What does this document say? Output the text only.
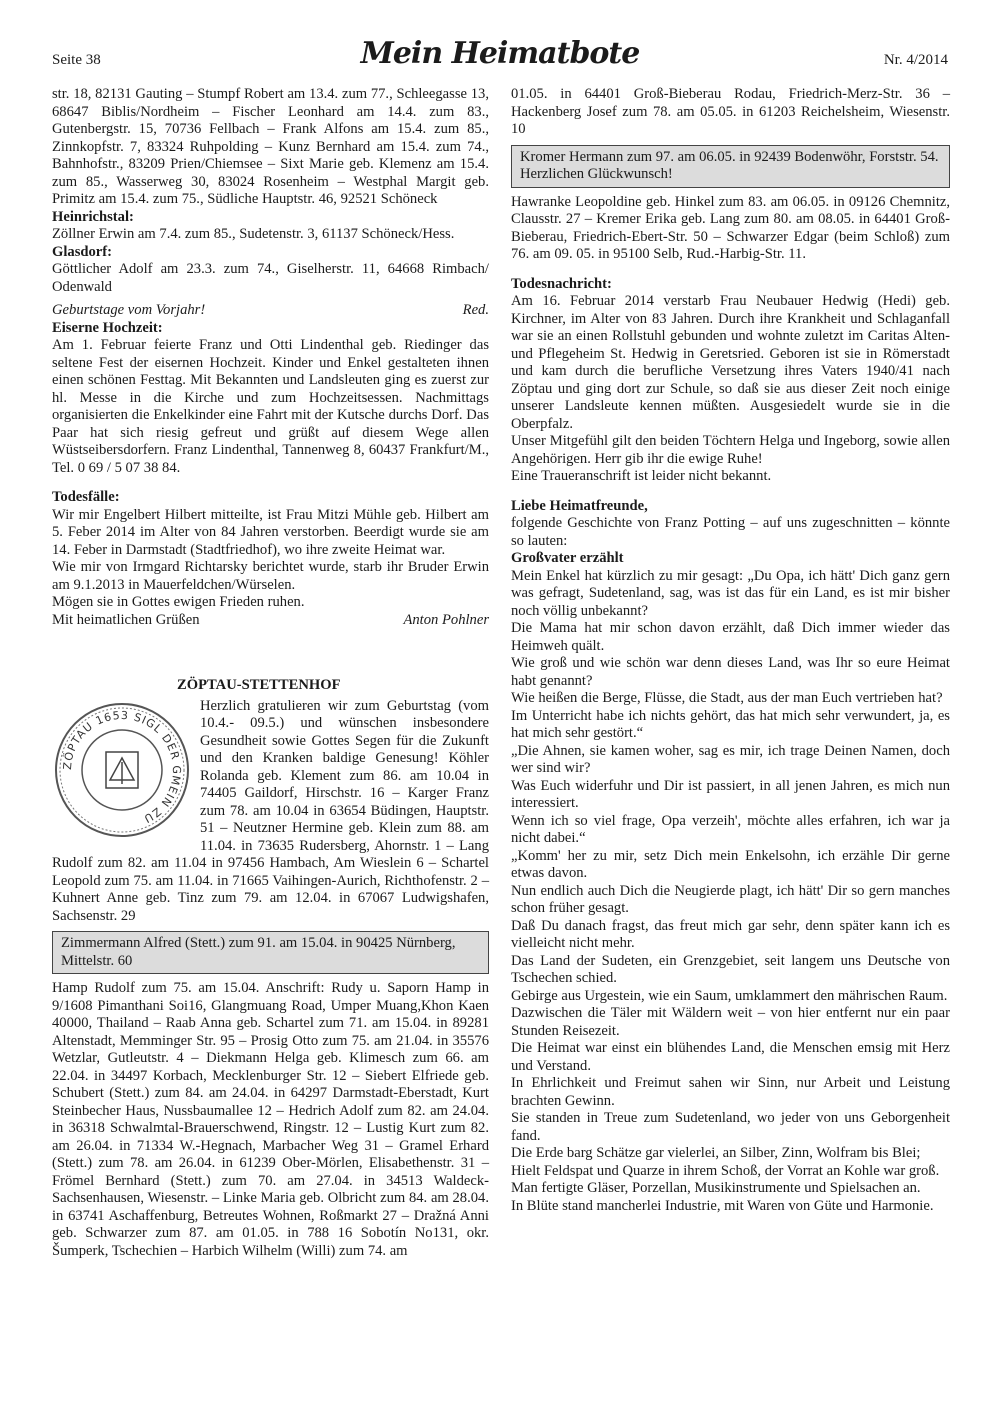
Seite 38	Mein Heimatbote	Nr. 4/2014

str. 18, 82131 Gauting – Stumpf Robert am 13.4. zum 77., Schleegasse 13, 68647 Biblis/Nordheim – Fischer Leonhard am 14.4. zum 83., Gutenbergstr. 15, 70736 Fellbach – Frank Alfons am 15.4. zum 85., Zinnkopfstr. 7, 83324 Ruhpolding – Kunz Bernhard am 15.4. zum 74., Bahnhofstr., 83209 Prien/Chiemsee – Sixt Marie geb. Klemenz am 15.4. zum 85., Wasserweg 30, 83024 Rosenheim – Westphal Margit geb. Primitz am 15.4. zum 75., Südliche Hauptstr. 46, 92521 Schöneck

Heinrichstal:

Zöllner Erwin am 7.4. zum 85., Sudetenstr. 3, 61137 Schöneck/Hess.

Glasdorf:

Göttlicher Adolf am 23.3. zum 74., Giselherstr. 11, 64668 Rimbach/ Odenwald

Geburtstage vom Vorjahr!	Red.

Eiserne Hochzeit:

Am 1. Februar feierte Franz und Otti Lindenthal geb. Riedinger das seltene Fest der eisernen Hochzeit. Kinder und Enkel gestalteten ihnen einen schönen Festtag. Mit Bekannten und Landsleuten ging es zuerst zur hl. Messe in die Kirche und zum Hochzeitsessen. Nachmittags organisierten die Enkelkinder eine Fahrt mit der Kutsche durchs Dorf. Das Paar hat sich riesig gefreut und grüßt auf diesem Wege allen Wüstseibersdorfern. Franz Lindenthal, Tannenweg 8, 60437 Frankfurt/M., Tel. 0 69 / 5 07 38 84.

Todesfälle:

Wir mir Engelbert Hilbert mitteilte, ist Frau Mitzi Mühle geb. Hilbert am 5. Feber 2014 im Alter von 84 Jahren verstorben. Beerdigt wurde sie am 14. Feber in Darmstadt (Stadtfriedhof), wo ihre zweite Heimat war.

Wie mir von Irmgard Richtarsky berichtet wurde, starb ihr Bruder Erwin am 9.1.2013 in Mauerfeldchen/Würselen.

Mögen sie in Gottes ewigen Frieden ruhen.

Mit heimatlichen Grüßen	Anton Pohlner
ZÖPTAU-STETTENHOF
ZÖPTAU 1653 SIGL DER GMEIN ZU

Herzlich gratulieren wir zum Geburtstag (vom 10.4.- 09.5.) und wünschen insbesondere Gesundheit sowie Gottes Segen für die Zukunft und den Kranken baldige Genesung! Köhler Rolanda geb. Klement zum 86. am 10.04 in 74405 Gaildorf, Hirschstr. 16 – Karger Franz zum 78. am 10.04 in 63654 Büdingen, Hauptstr. 51 – Neutzner Hermine geb. Klein zum 88. am 11.04. in 73635 Rudersberg, Ahornstr. 1 – Lang Rudolf zum 82. am 11.04 in 97456 Hambach, Am Wieslein 6 – Schartel Leopold zum 75. am 11.04. in 71665 Vaihingen-Aurich, Richthofenstr. 2 – Kuhnert Anne geb. Tinz zum 79. am 12.04. in 67067 Ludwigshafen, Sachsenstr. 29

Zimmermann Alfred (Stett.) zum 91. am 15.04. in 90425 Nürnberg, Mittelstr. 60

Hamp Rudolf zum 75. am 15.04. Anschrift: Rudy u. Saporn Hamp in 9/1608 Pimanthani Soi16, Glangmuang Road, Umper Muang,Khon Kaen 40000, Thailand – Raab Anna geb. Schartel zum 71. am 15.04. in 89281 Altenstadt, Memminger Str. 95 – Prosig Otto zum 75. am 21.04. in 35576 Wetzlar, Gutleutstr. 4 – Diekmann Helga geb. Klimesch zum 66. am 22.04. in 34497 Korbach, Mecklenburger Str. 12 – Siebert Elfriede geb. Schubert (Stett.) zum 84. am 24.04. in 64297 Darmstadt-Eberstadt, Kurt Steinbecher Haus, Nussbaumallee 12 – Hedrich Adolf zum 82. am 24.04. in 36318 Schwalmtal-Brauerschwend, Ringstr. 12 – Lustig Kurt zum 82. am 26.04. in 71334 W.-Hegnach, Marbacher Weg 31 – Gramel Erhard (Stett.) zum 78. am 26.04. in 61239 Ober-Mörlen, Elisabethenstr. 31 – Frömel Bernhard (Stett.) zum 70. am 27.04. in 34513 Waldeck-Sachsenhausen, Wiesenstr. – Linke Maria geb. Olbricht zum 84. am 28.04. in 63741 Aschaffenburg, Betreutes Wohnen, Roßmarkt 27 – Dražná Anni geb. Schwarzer zum 87. am 01.05. in 788 16 Sobotín No131, okr. Šumperk, Tschechien – Harbich Wilhelm (Willi) zum 74. am

01.05. in 64401 Groß-Bieberau Rodau, Friedrich-Merz-Str. 36 – Hackenberg Josef zum 78. am 05.05. in 61203 Reichelsheim, Wiesenstr. 10

Kromer Hermann zum 97. am 06.05. in 92439 Bodenwöhr, Forststr. 54. Herzlichen Glückwunsch!

Hawranke Leopoldine geb. Hinkel zum 83. am 06.05. in 09126 Chemnitz, Clausstr. 27 – Kremer Erika geb. Lang zum 80. am 08.05. in 64401 Groß-Bieberau, Friedrich-Ebert-Str. 50 – Schwarzer Edgar (beim Schloß) zum 76. am 09. 05. in 95100 Selb, Rud.-Harbig-Str. 11.

Todesnachricht:

Am 16. Februar 2014 verstarb Frau Neubauer Hedwig (Hedi) geb. Kirchner, im Alter von 83 Jahren. Durch ihre Krankheit und Schlaganfall war sie an einen Rollstuhl gebunden und wohnte zuletzt im Caritas Alten- und Pflegeheim St. Hedwig in Geretsried. Geboren ist sie in Römerstadt und kam durch die berufliche Versetzung ihres Vaters 1940/41 nach Zöptau und ging dort zur Schule, so daß sie aus dieser Zeit noch einige unserer Landsleute kennen müßten. Ausgesiedelt wurde sie in die Oberpfalz.

Unser Mitgefühl gilt den beiden Töchtern Helga und Ingeborg, sowie allen Angehörigen. Herr gib ihr die ewige Ruhe!

Eine Traueranschrift ist leider nicht bekannt.

Liebe Heimatfreunde,

folgende Geschichte von Franz Potting – auf uns zugeschnitten – könnte so lauten:

Großvater erzählt

Mein Enkel hat kürzlich zu mir gesagt: „Du Opa, ich hätt' Dich ganz gern was gefragt, Sudetenland, sag, was ist das für ein Land, es ist mir bisher noch völlig unbekannt?

Die Mama hat mir schon davon erzählt, daß Dich immer wieder das Heimweh quält.

Wie groß und wie schön war denn dieses Land, was Ihr so eure Heimat habt genannt?

Wie heißen die Berge, Flüsse, die Stadt, aus der man Euch vertrieben hat?

Im Unterricht habe ich nichts gehört, das hat mich sehr verwundert, ja, es hat mich sehr gestört.“

„Die Ahnen, sie kamen woher, sag es mir, ich trage Deinen Namen, doch wer sind wir?

Was Euch widerfuhr und Dir ist passiert, in all jenen Jahren, es mich nun interessiert.

Wenn ich so viel frage, Opa verzeih', möchte alles erfahren, ich war ja nicht dabei.“

„Komm' her zu mir, setz Dich mein Enkelsohn, ich erzähle Dir gerne etwas davon.

Nun endlich auch Dich die Neugierde plagt, ich hätt' Dir so gern manches schon früher gesagt.

Daß Du danach fragst, das freut mich gar sehr, denn später kann ich es vielleicht nicht mehr.

Das Land der Sudeten, ein Grenzgebiet, seit langem uns Deutsche von Tschechen schied.

Gebirge aus Urgestein, wie ein Saum, umklammert den mährischen Raum.

Dazwischen die Täler mit Wäldern weit – von hier entfernt nur ein paar Stunden Reisezeit.

Die Heimat war einst ein blühendes Land, die Menschen emsig mit Herz und Verstand.

In Ehrlichkeit und Freimut sahen wir Sinn, nur Arbeit und Leistung brachten Gewinn.

Sie standen in Treue zum Sudetenland, wo jeder von uns Geborgenheit fand.

Die Erde barg Schätze gar vielerlei, an Silber, Zinn, Wolfram bis Blei;

Hielt Feldspat und Quarze in ihrem Schoß, der Vorrat an Kohle war groß.

Man fertigte Gläser, Porzellan, Musikinstrumente und Spielsachen an.

In Blüte stand mancherlei Industrie, mit Waren von Güte und Harmonie.
